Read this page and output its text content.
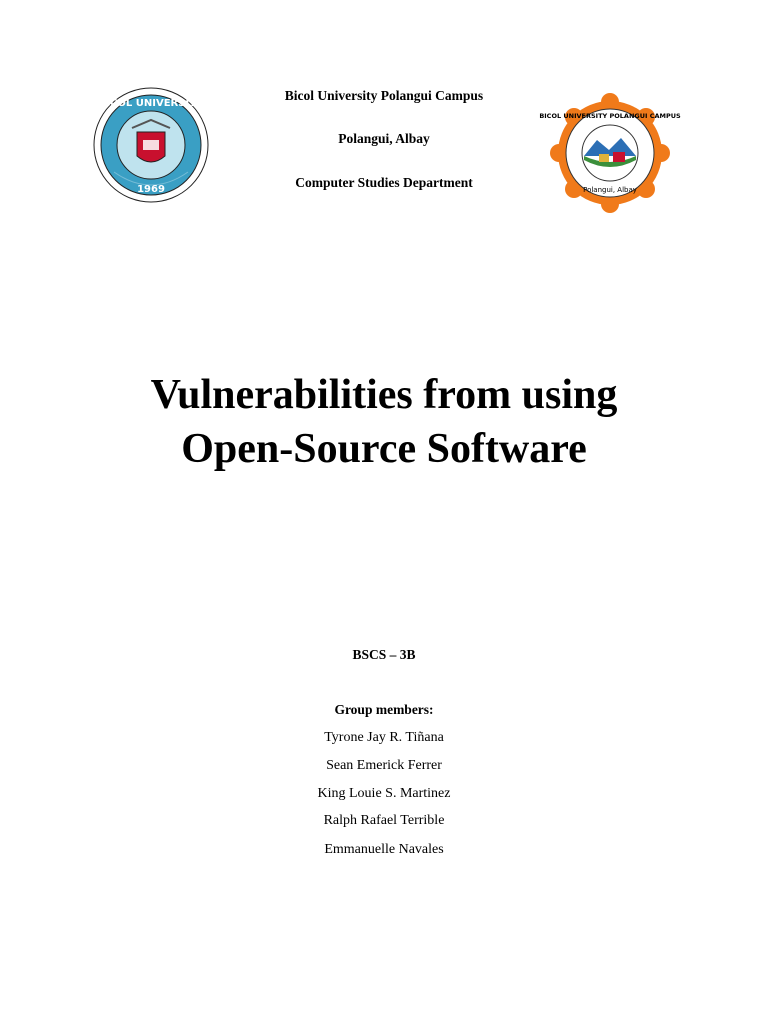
BICOL UNIVERSITY
1969
BICOL UNIVERSITY POLANGUI CAMPUS
Polangui, Albay
Bicol University Polangui Campus
Polangui, Albay
Computer Studies Department
Vulnerabilities from using
Open-Source Software
BSCS – 3B
Group members:
Tyrone Jay R. Tiñana
Sean Emerick Ferrer
King Louie S. Martinez
Ralph Rafael Terrible
Emmanuelle Navales
